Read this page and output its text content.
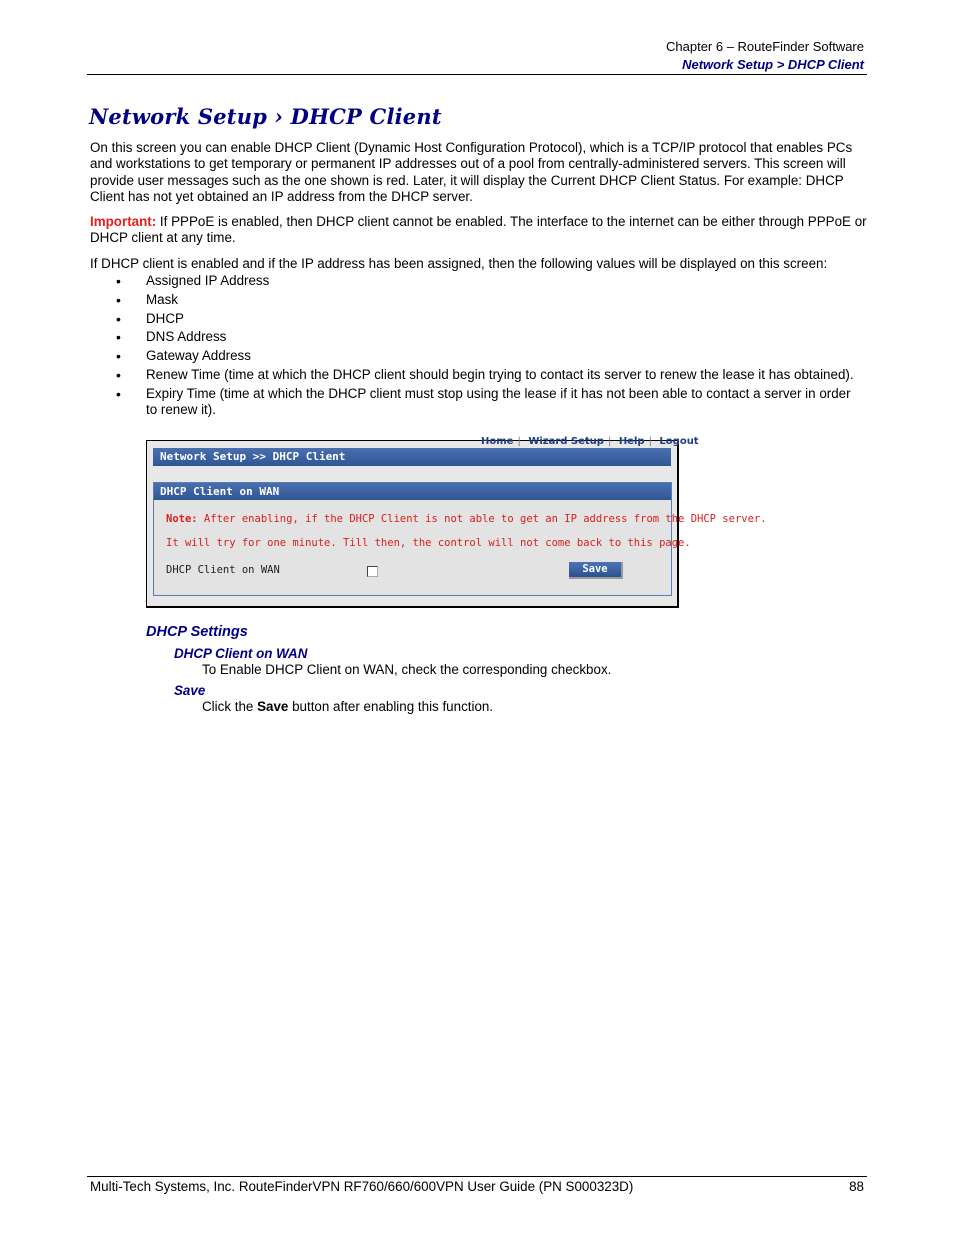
Chapter 6 – RouteFinder Software
Network Setup > DHCP Client
Network Setup › DHCP Client
On this screen you can enable DHCP Client (Dynamic Host Configuration Protocol), which is a TCP/IP protocol that enables PCs and workstations to get temporary or permanent IP addresses out of a pool from centrally-administered servers. This screen will provide user messages such as the one shown is red. Later, it will display the Current DHCP Client Status. For example: DHCP Client has not yet obtained an IP address from the DHCP server.
Important: If PPPoE is enabled, then DHCP client cannot be enabled. The interface to the internet can be either through PPPoE or DHCP client at any time.
If DHCP client is enabled and if the IP address has been assigned, then the following values will be displayed on this screen:
• Assigned IP Address
• Mask
• DHCP
• DNS Address
• Gateway Address
• Renew Time (time at which the DHCP client should begin trying to contact its server to renew the lease it has obtained).
• Expiry Time (time at which the DHCP client must stop using the lease if it has not been able to contact a server in order to renew it).
Home | Wizard Setup | Help | Logout
Network Setup >> DHCP Client
DHCP Client on WAN
Note: After enabling, if the DHCP Client is not able to get an IP address from the DHCP server.
It will try for one minute. Till then, the control will not come back to this page.
DHCP Client on WAN	Save
DHCP Settings
DHCP Client on WAN
To Enable DHCP Client on WAN, check the corresponding checkbox.
Save
Click the Save button after enabling this function.
Multi-Tech Systems, Inc. RouteFinderVPN RF760/660/600VPN User Guide (PN S000323D)	88
